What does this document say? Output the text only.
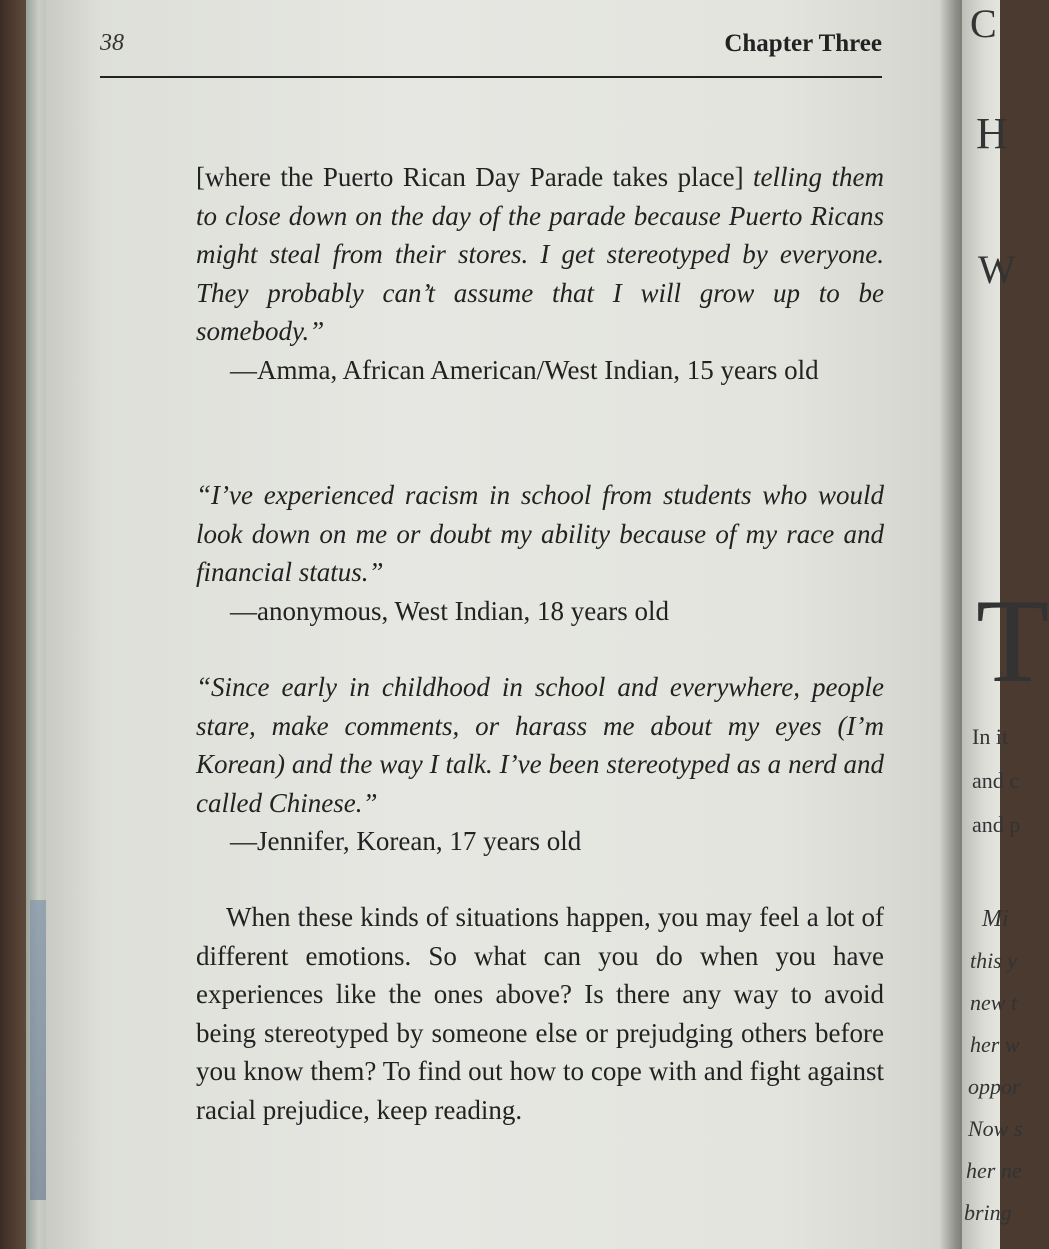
C
H
W
T
In it
and c
and p
Mi
this y
new t
her w
oppor
Now s
her ne
bring
38	Chapter Three

[where the Puerto Rican Day Parade takes place] telling them to close down on the day of the parade because Puerto Ricans might steal from their stores. I get stereotyped by everyone. They probably can’t assume that I will grow up to be somebody.”

—Amma, African American/West Indian, 15 years old

“I’ve experienced racism in school from students who would look down on me or doubt my ability because of my race and financial status.”

—anonymous, West Indian, 18 years old

“Since early in childhood in school and everywhere, people stare, make comments, or harass me about my eyes (I’m Korean) and the way I talk. I’ve been stereotyped as a nerd and called Chinese.”

—Jennifer, Korean, 17 years old

When these kinds of situations happen, you may feel a lot of different emotions. So what can you do when you have experiences like the ones above? Is there any way to avoid being stereotyped by someone else or prejudging others before you know them? To find out how to cope with and fight against racial prejudice, keep reading.
